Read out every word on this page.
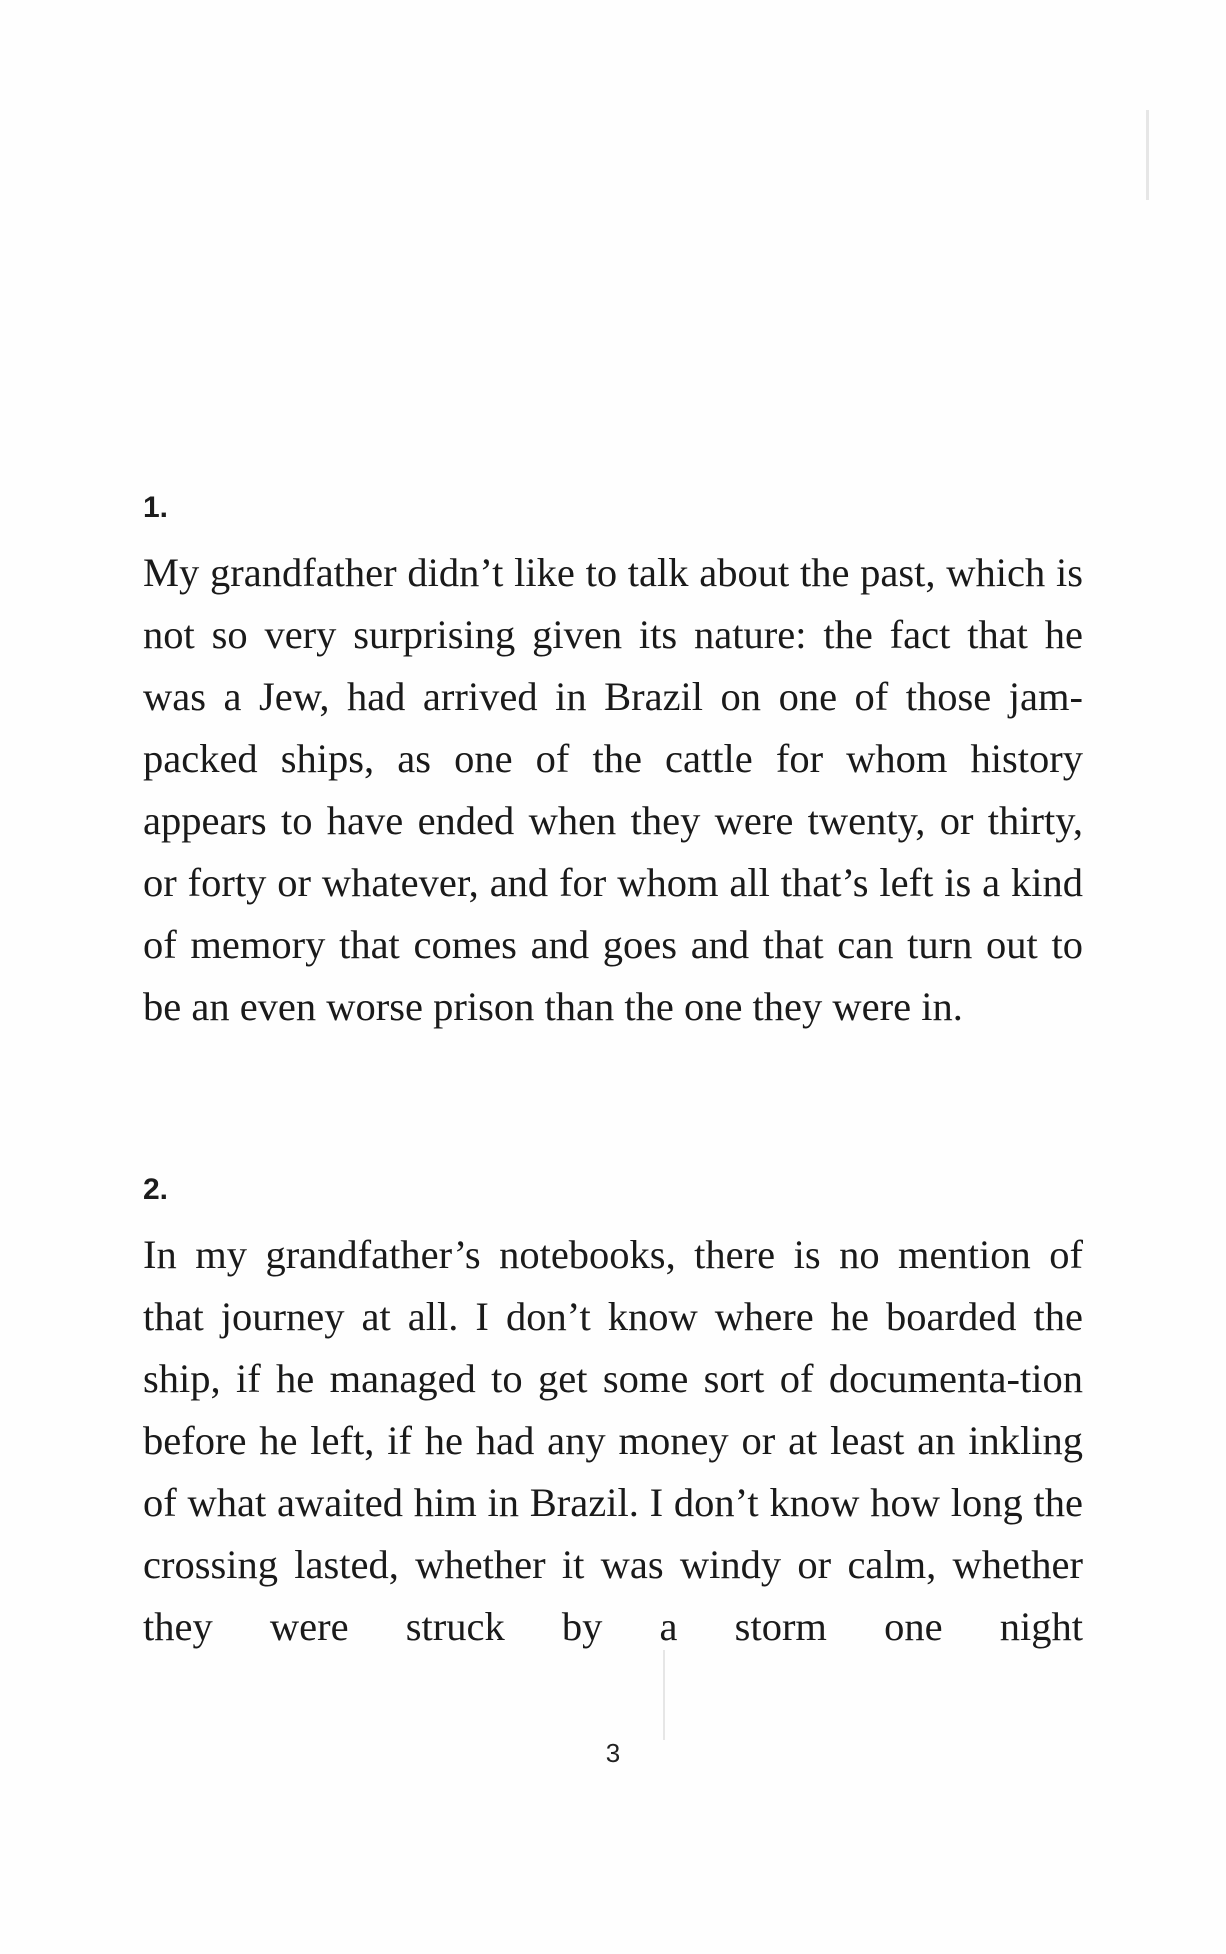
1.

My grandfather didn’t like to talk about the past, which is not so very surprising given its nature: the fact that he was a Jew, had arrived in Brazil on one of those jam-packed ships, as one of the cattle for whom history appears to have ended when they were twenty, or thirty, or forty or whatever, and for whom all that’s left is a kind of memory that comes and goes and that can turn out to be an even worse prison than the one they were in.

2.

In my grandfather’s notebooks, there is no mention of that journey at all. I don’t know where he boarded the ship, if he managed to get some sort of documenta-tion before he left, if he had any money or at least an inkling of what awaited him in Brazil. I don’t know how long the crossing lasted, whether it was windy or calm, whether they were struck by a storm one night

3
